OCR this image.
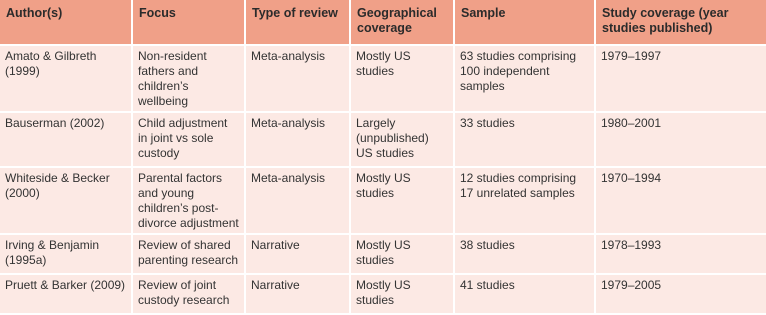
Author(s)	Focus	Type of review	Geographical coverage	Sample	Study coverage (year studies published)
Amato & Gilbreth (1999)	Non-resident fathers and children’s wellbeing	Meta-analysis	Mostly US studies	63 studies comprising 100 independent samples	1979–1997
Bauserman (2002)	Child adjustment in joint vs sole custody	Meta-analysis	Largely (unpublished) US studies	33 studies	1980–2001
Whiteside & Becker (2000)	Parental factors and young children’s post-divorce adjustment	Meta-analysis	Mostly US studies	12 studies comprising 17 unrelated samples	1970–1994
Irving & Benjamin (1995a)	Review of shared parenting research	Narrative	Mostly US studies	38 studies	1978–1993
Pruett & Barker (2009)	Review of joint custody research	Narrative	Mostly US studies	41 studies	1979–2005
